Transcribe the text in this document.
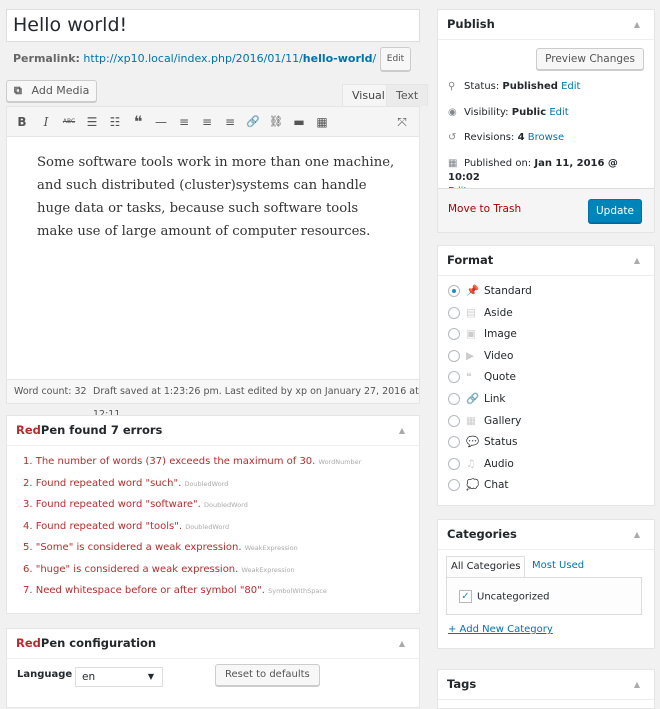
Hello world!
Permalink: http://xp10.local/index.php/2016/01/11/hello-world/ Edit
⧉ Add Media	Visual	Text
B	I	ABC ☰	☷ ❝	— ≡	≡	≡	🔗 ⛓ ▬ ▦	⤧
Some software tools work in more than one machine, and such distributed (cluster)systems can handle huge data or tasks, because such software tools make use of large amount of computer resources.
Word count: 32 Draft saved at 1:23:26 pm. Last edited by xp on January 27, 2016 at
RedPen found 7 errors	▲
1. The number of words (37) exceeds the maximum of 30. WordNumber
2. Found repeated word "such". DoubledWord
3. Found repeated word "software". DoubledWord
4. Found repeated word "tools". DoubledWord
5. "Some" is considered a weak expression. WeakExpression
6. "huge" is considered a weak expression. WeakExpression
7. Need whitespace before or after symbol "80". SymbolWithSpace
RedPen configuration	▲
Language en	▼	Reset to defaults
Publish	▲
Preview Changes
⚲ Status: Published Edit
◉ Visibility: Public Edit
↺ Revisions: 4 Browse
▦ Published on: Jan 11, 2016 @ 10:02

Move to Trash	Update
Format	▲
📌 Standard
▤ Aside
▣ Image
▶ Video
❝ Quote
🔗 Link
▦ Gallery
💬 Status
♫ Audio
💭 Chat
Categories	▲
All Categories	Most Used
✓ Uncategorized
+ Add New Category
Tags	▲
